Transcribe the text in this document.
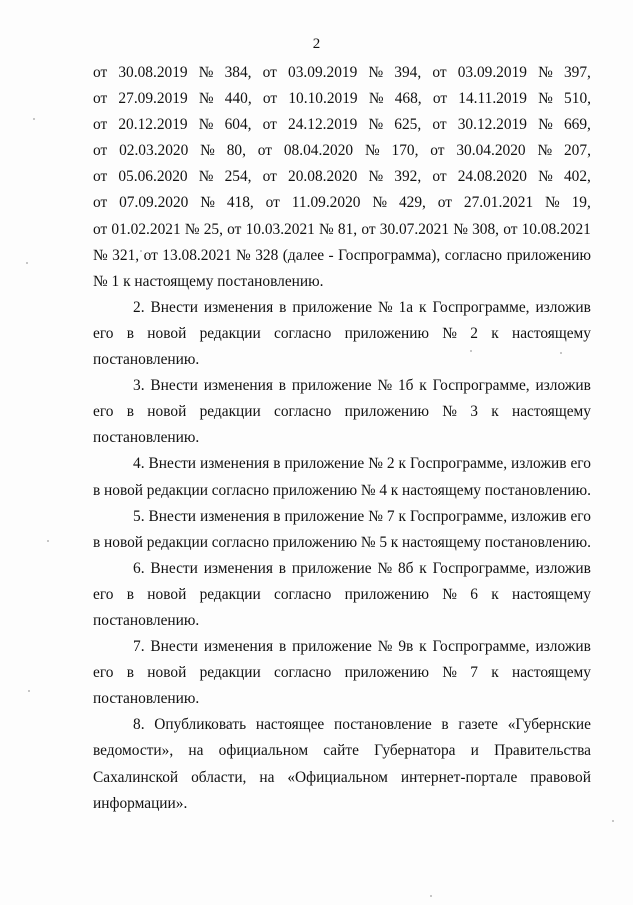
2
от 30.08.2019 № 384, от 03.09.2019 № 394, от 03.09.2019 № 397,
от 27.09.2019 № 440, от 10.10.2019 № 468, от 14.11.2019 № 510,
от 20.12.2019 № 604, от 24.12.2019 № 625, от 30.12.2019 № 669,
от 02.03.2020 № 80, от 08.04.2020 № 170, от 30.04.2020 № 207,
от 05.06.2020 № 254, от 20.08.2020 № 392, от 24.08.2020 № 402,
от 07.09.2020 № 418, от 11.09.2020 № 429, от 27.01.2021 № 19,
от 01.02.2021 № 25, от 10.03.2021 № 81, от 30.07.2021 № 308, от 10.08.2021
№ 321, от 13.08.2021 № 328 (далее - Госпрограмма), согласно приложению
№ 1 к настоящему постановлению.
2. Внести изменения в приложение № 1а к Госпрограмме, изложив
его в новой редакции согласно приложению № 2 к настоящему
постановлению.
3. Внести изменения в приложение № 1б к Госпрограмме, изложив
его в новой редакции согласно приложению № 3 к настоящему
постановлению.
4. Внести изменения в приложение № 2 к Госпрограмме, изложив его
в новой редакции согласно приложению № 4 к настоящему постановлению.
5. Внести изменения в приложение № 7 к Госпрограмме, изложив его
в новой редакции согласно приложению № 5 к настоящему постановлению.
6. Внести изменения в приложение № 8б к Госпрограмме, изложив
его в новой редакции согласно приложению № 6 к настоящему
постановлению.
7. Внести изменения в приложение № 9в к Госпрограмме, изложив
его в новой редакции согласно приложению № 7 к настоящему
постановлению.
8. Опубликовать настоящее постановление в газете «Губернские
ведомости», на официальном сайте Губернатора и Правительства
Сахалинской области, на «Официальном интернет-портале правовой
информации».
